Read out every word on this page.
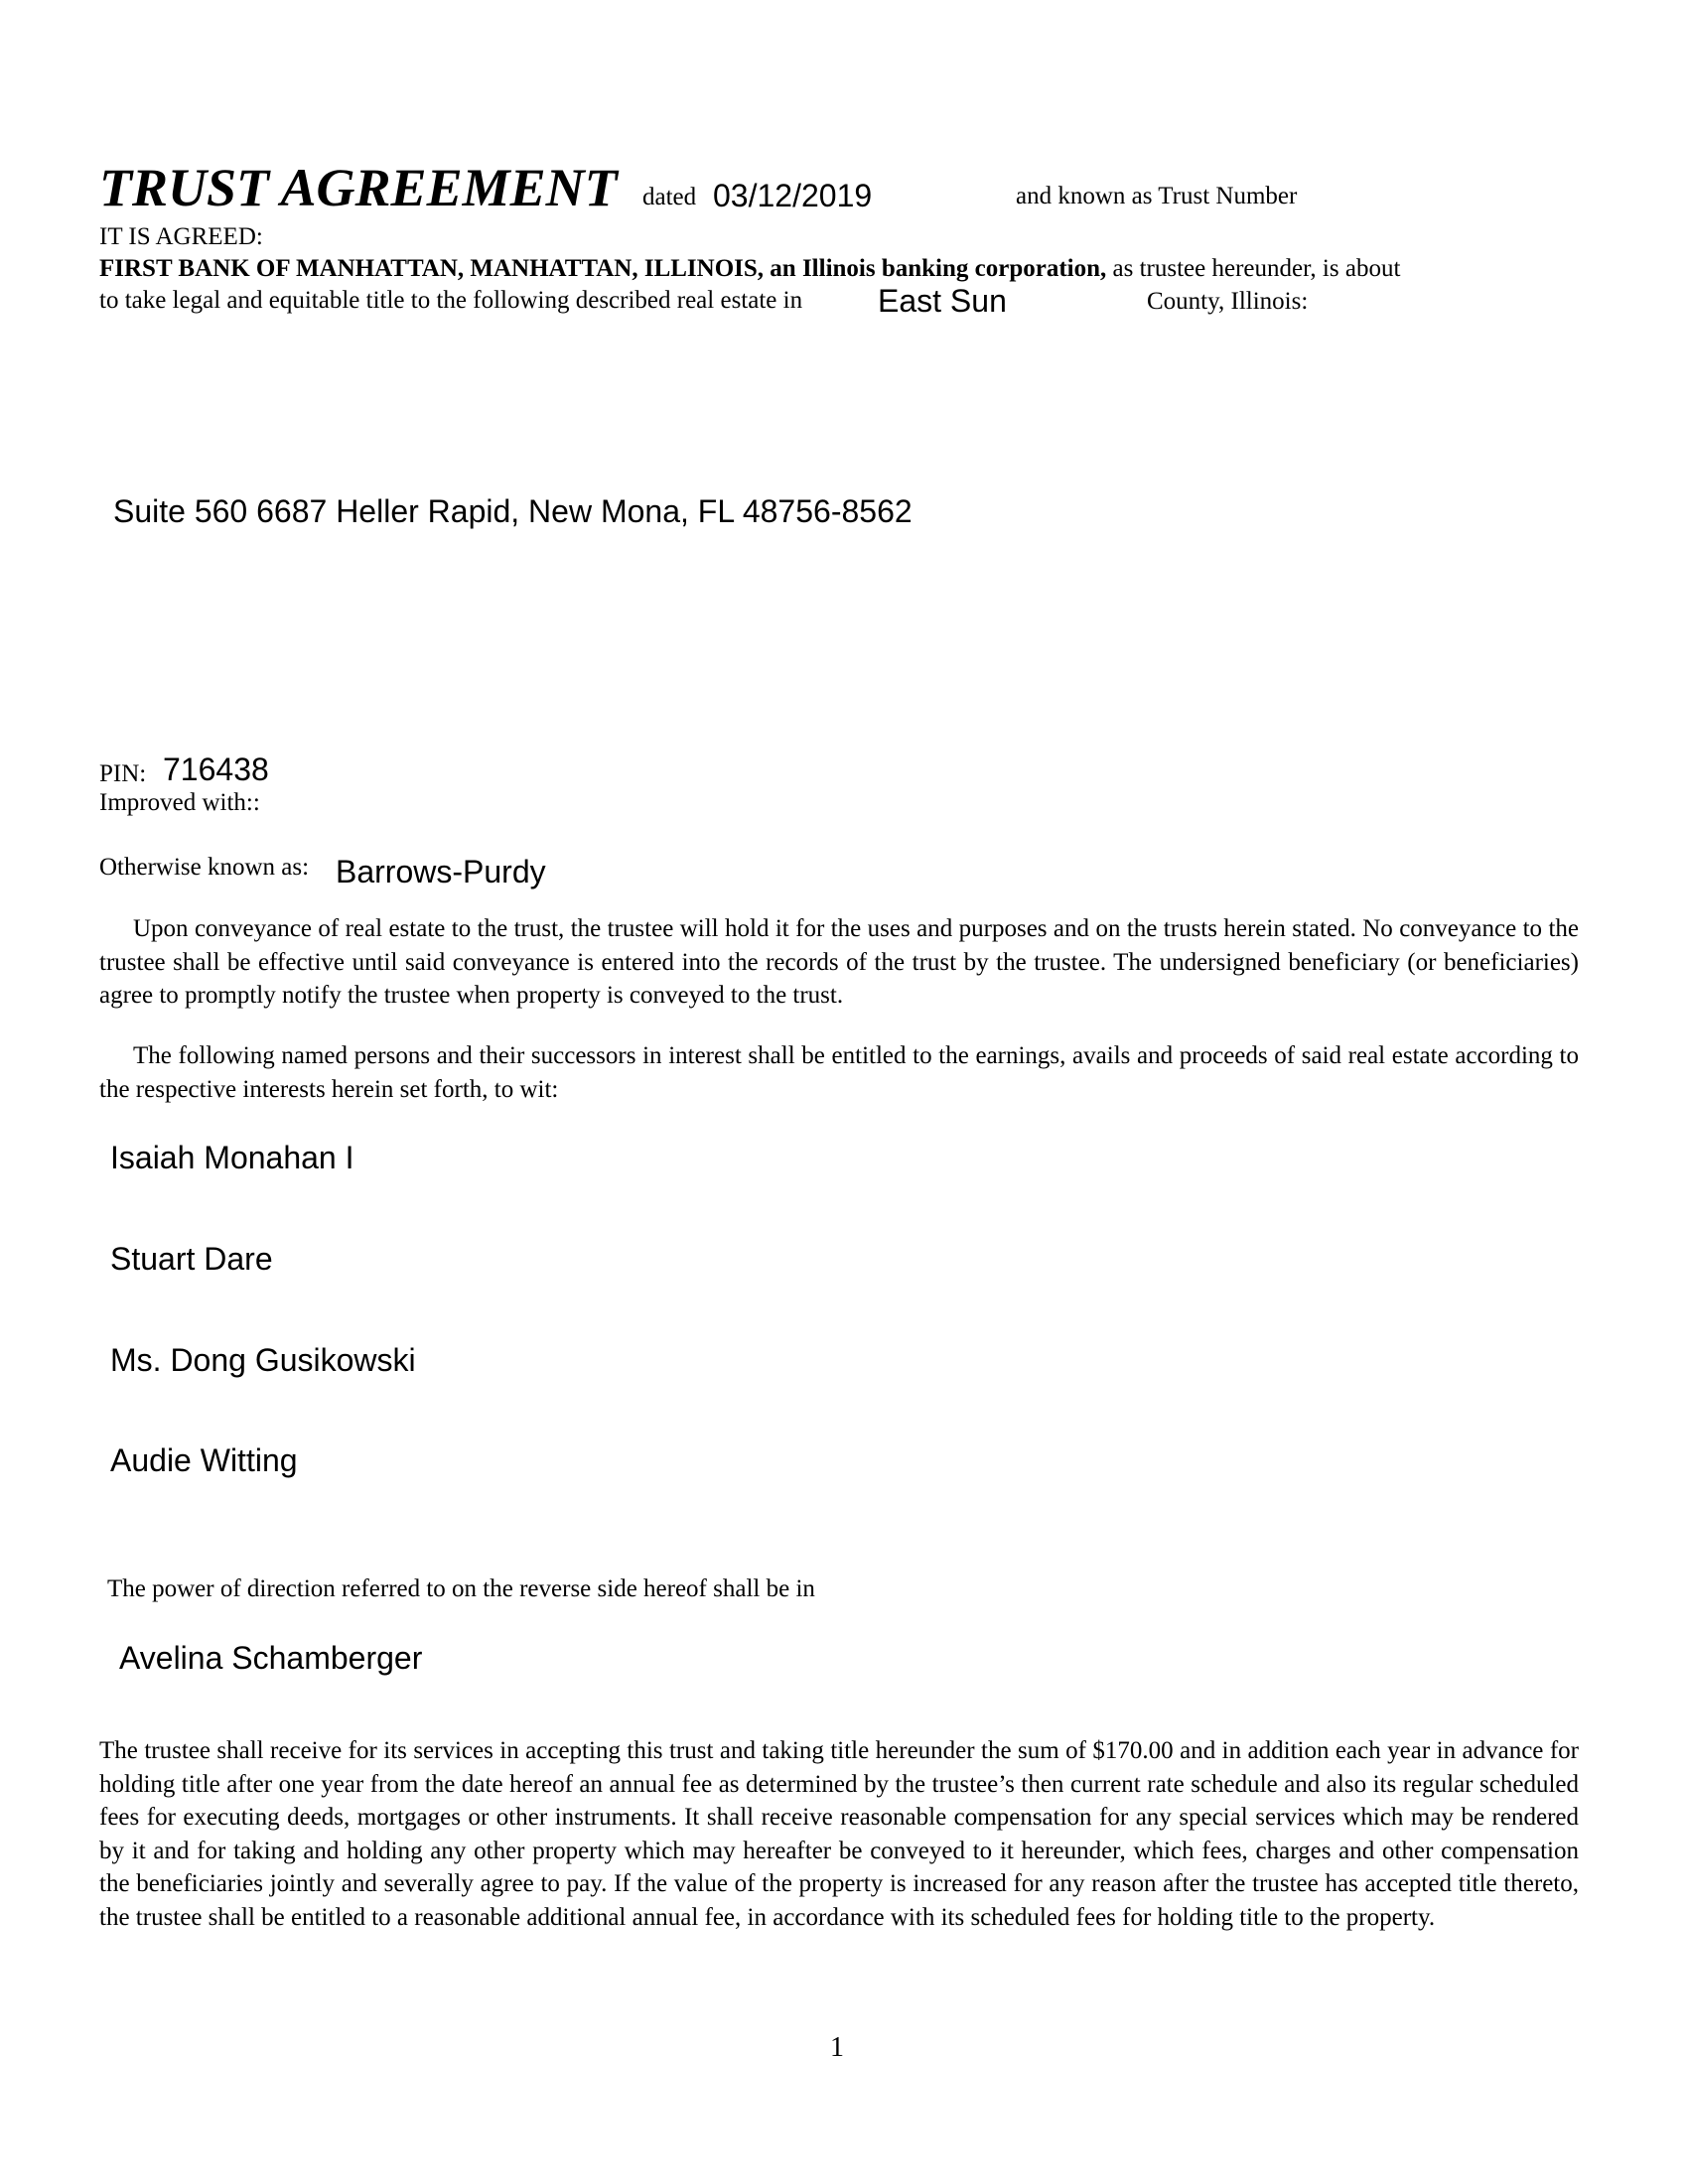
TRUST AGREEMENT dated 03/12/2019	and known as Trust Number
IT IS AGREED:
FIRST BANK OF MANHATTAN, MANHATTAN, ILLINOIS, an Illinois banking corporation, as trustee hereunder, is about
to take legal and equitable title to the following described real estate in East Sun	County, Illinois:
Suite 560 6687 Heller Rapid, New Mona, FL 48756-8562
PIN: 716438
Improved with::
Otherwise known as: Barrows-Purdy
Upon conveyance of real estate to the trust, the trustee will hold it for the uses and purposes and on the trusts herein stated. No conveyance to the trustee shall be effective until said conveyance is entered into the records of the trust by the trustee. The undersigned beneficiary (or beneficiaries) agree to promptly notify the trustee when property is conveyed to the trust.
The following named persons and their successors in interest shall be entitled to the earnings, avails and proceeds of said real estate according to the respective interests herein set forth, to wit:
Isaiah Monahan I
Stuart Dare
Ms. Dong Gusikowski
Audie Witting
The power of direction referred to on the reverse side hereof shall be in
Avelina Schamberger
The trustee shall receive for its services in accepting this trust and taking title hereunder the sum of $170.00 and in addition each year in advance for holding title after one year from the date hereof an annual fee as determined by the trustee’s then current rate schedule and also its regular scheduled fees for executing deeds, mortgages or other instruments. It shall receive reasonable compensation for any special services which may be rendered by it and for taking and holding any other property which may hereafter be conveyed to it hereunder, which fees, charges and other compensation the beneficiaries jointly and severally agree to pay. If the value of the property is increased for any reason after the trustee has accepted title thereto, the trustee shall be entitled to a reasonable additional annual fee, in accordance with its scheduled fees for holding title to the property.
1
